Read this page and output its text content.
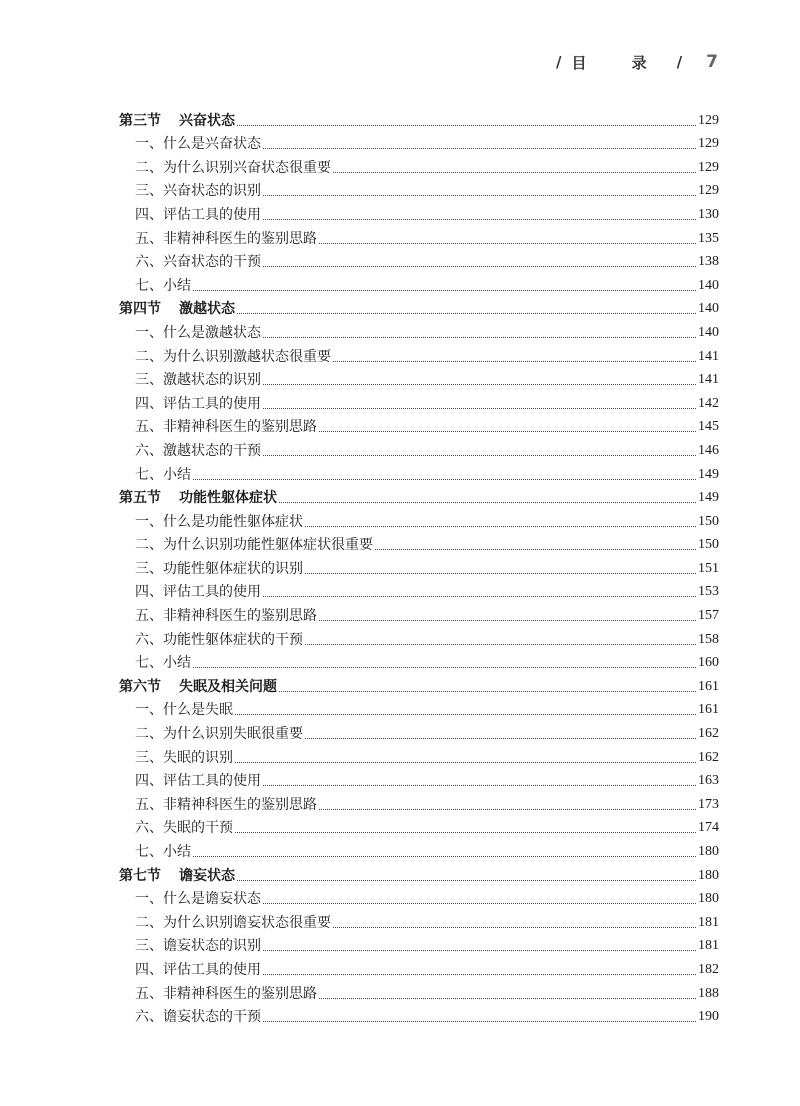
/ 目 录 / 7
第三节 兴奋状态	129
一、什么是兴奋状态	129
二、为什么识别兴奋状态很重要	129
三、兴奋状态的识别	129
四、评估工具的使用	130
五、非精神科医生的鉴别思路	135
六、兴奋状态的干预	138
七、小结	140
第四节 激越状态	140
一、什么是激越状态	140
二、为什么识别激越状态很重要	141
三、激越状态的识别	141
四、评估工具的使用	142
五、非精神科医生的鉴别思路	145
六、激越状态的干预	146
七、小结	149
第五节 功能性躯体症状	149
一、什么是功能性躯体症状	150
二、为什么识别功能性躯体症状很重要	150
三、功能性躯体症状的识别	151
四、评估工具的使用	153
五、非精神科医生的鉴别思路	157
六、功能性躯体症状的干预	158
七、小结	160
第六节 失眠及相关问题	161
一、什么是失眠	161
二、为什么识别失眠很重要	162
三、失眠的识别	162
四、评估工具的使用	163
五、非精神科医生的鉴别思路	173
六、失眠的干预	174
七、小结	180
第七节 谵妄状态	180
一、什么是谵妄状态	180
二、为什么识别谵妄状态很重要	181
三、谵妄状态的识别	181
四、评估工具的使用	182
五、非精神科医生的鉴别思路	188
六、谵妄状态的干预	190
